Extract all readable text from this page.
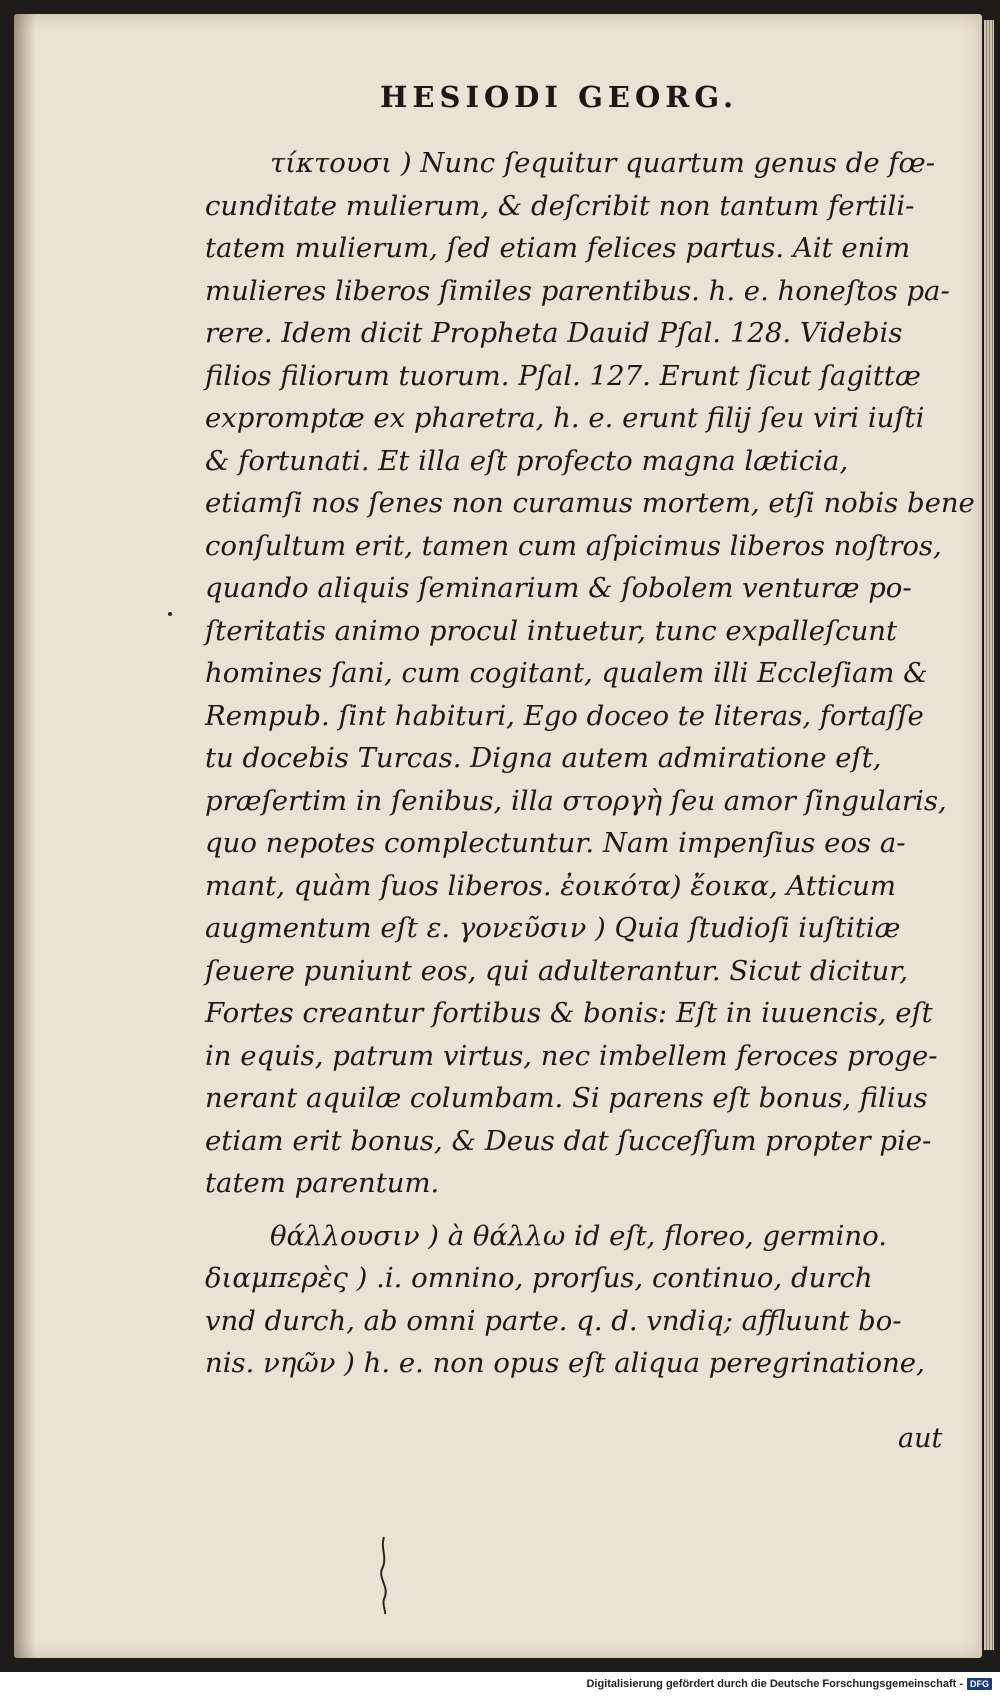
HESIODI GEORG.
τίκτουσι ) Nunc ſequitur quartum genus de fœ-
cunditate mulierum, & deſcribit non tantum fertili-
tatem mulierum, ſed etiam felices partus. Ait enim
mulieres liberos ſimiles parentibus. h. e. honeſtos pa-
rere. Idem dicit Propheta Dauid Pſal. 128. Videbis
filios filiorum tuorum. Pſal. 127. Erunt ſicut ſagittæ
expromptæ ex pharetra, h. e. erunt filij ſeu viri iuſti
& fortunati. Et illa eſt profecto magna læticia,
etiamſi nos ſenes non curamus mortem, etſi nobis bene
conſultum erit, tamen cum aſpicimus liberos noſtros,
quando aliquis ſeminarium & ſobolem venturæ po-
ſteritatis animo procul intuetur, tunc expalleſcunt
homines ſani, cum cogitant, qualem illi Eccleſiam &
Rempub. ſint habituri, Ego doceo te literas, fortaſſe
tu docebis Turcas. Digna autem admiratione eſt,
præſertim in ſenibus, illa στοργὴ ſeu amor ſingularis,
quo nepotes complectuntur. Nam impenſius eos a-
mant, quàm ſuos liberos. ἐοικότα) ἔοικα, Atticum
augmentum eſt ε. γονεῦσιν ) Quia ſtudioſi iuſtitiæ
ſeuere puniunt eos, qui adulterantur. Sicut dicitur,
Fortes creantur fortibus & bonis: Eſt in iuuencis, eſt
in equis, patrum virtus, nec imbellem feroces proge-
nerant aquilæ columbam. Si parens eſt bonus, filius
etiam erit bonus, & Deus dat ſucceſſum propter pie-
tatem parentum.
θάλλουσιν ) à θάλλω id eſt, floreo, germino.
διαμπερὲς ) .i. omnino, prorſus, continuo, durch
vnd durch, ab omni parte. q. d. vndiq; affluunt bo-
nis. νηῶν ) h. e. non opus eſt aliqua peregrinatione,
aut
Digitalisierung gefördert durch die Deutsche Forschungsgemeinschaft - DFG
